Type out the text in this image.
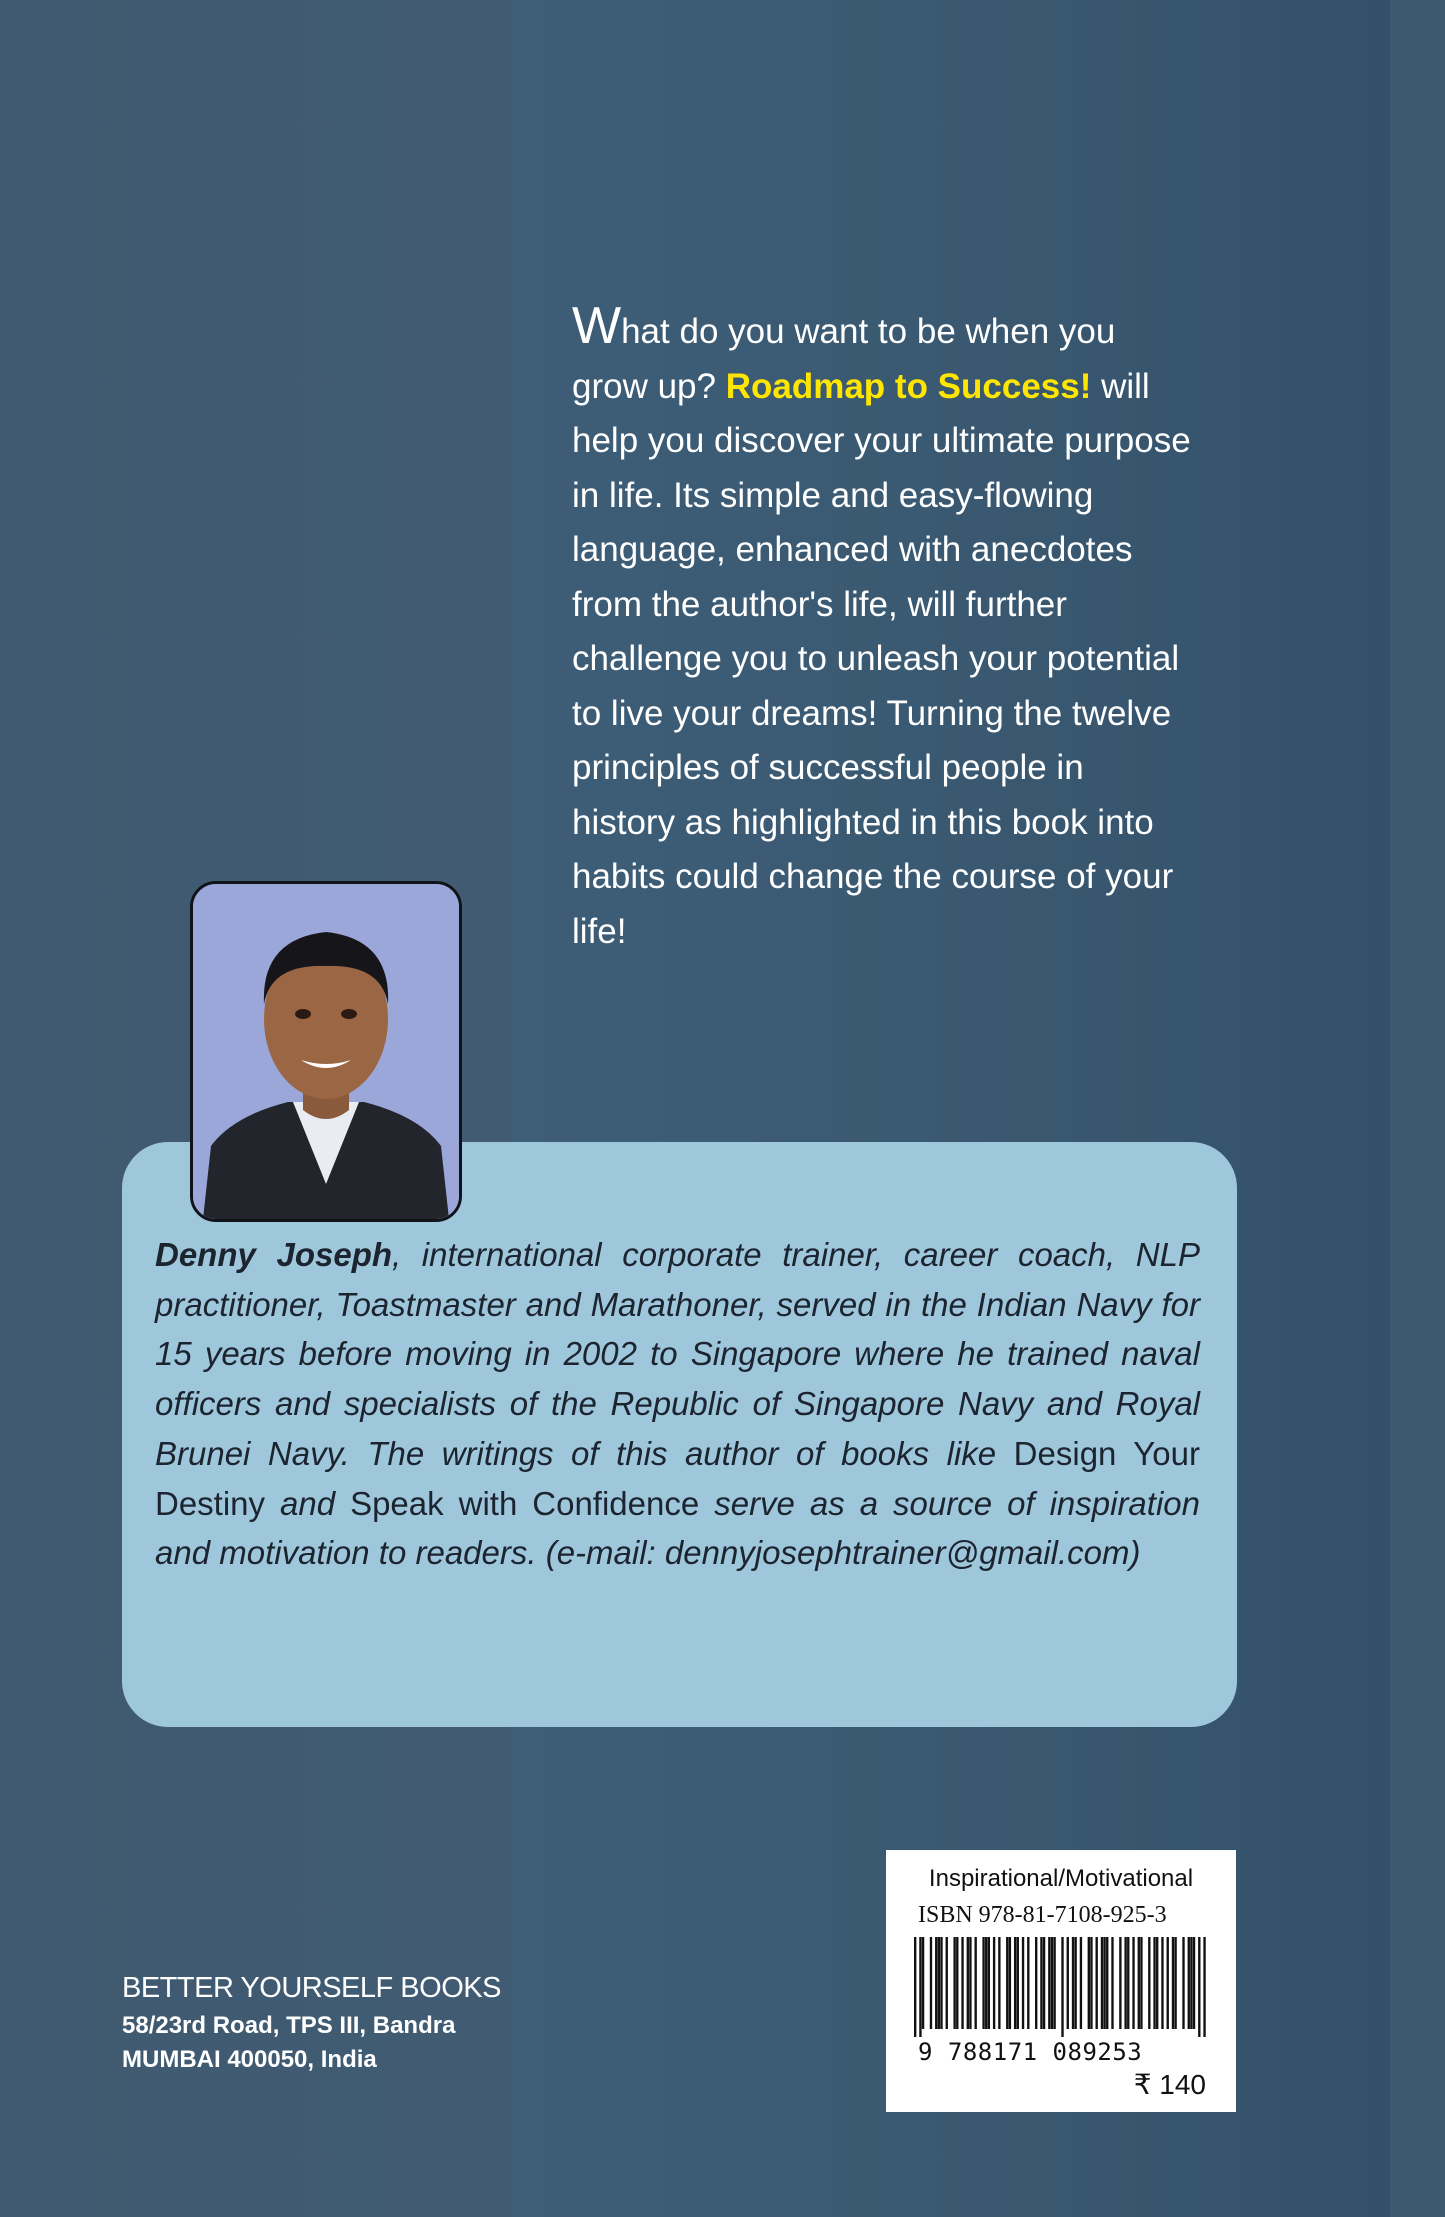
What do you want to be when you grow up? Roadmap to Success! will help you discover your ultimate purpose in life. Its simple and easy-flowing language, enhanced with anecdotes from the author's life, will further challenge you to unleash your potential to live your dreams! Turning the twelve principles of successful people in history as highlighted in this book into habits could change the course of your life!
Denny Joseph, international corporate trainer, career coach, NLP practitioner, Toastmaster and Marathoner, served in the Indian Navy for 15 years before moving in 2002 to Singapore where he trained naval officers and specialists of the Republic of Singapore Navy and Royal Brunei Navy. The writings of this author of books like Design Your Destiny and Speak with Confidence serve as a source of inspiration and motivation to readers. (e-mail: dennyjosephtrainer@gmail.com)
BETTER YOURSELF BOOKS
58/23rd Road, TPS III, Bandra
MUMBAI 400050, India
Inspirational/Motivational
ISBN 978-81-7108-925-3
9 788171 089253
₹ 140
